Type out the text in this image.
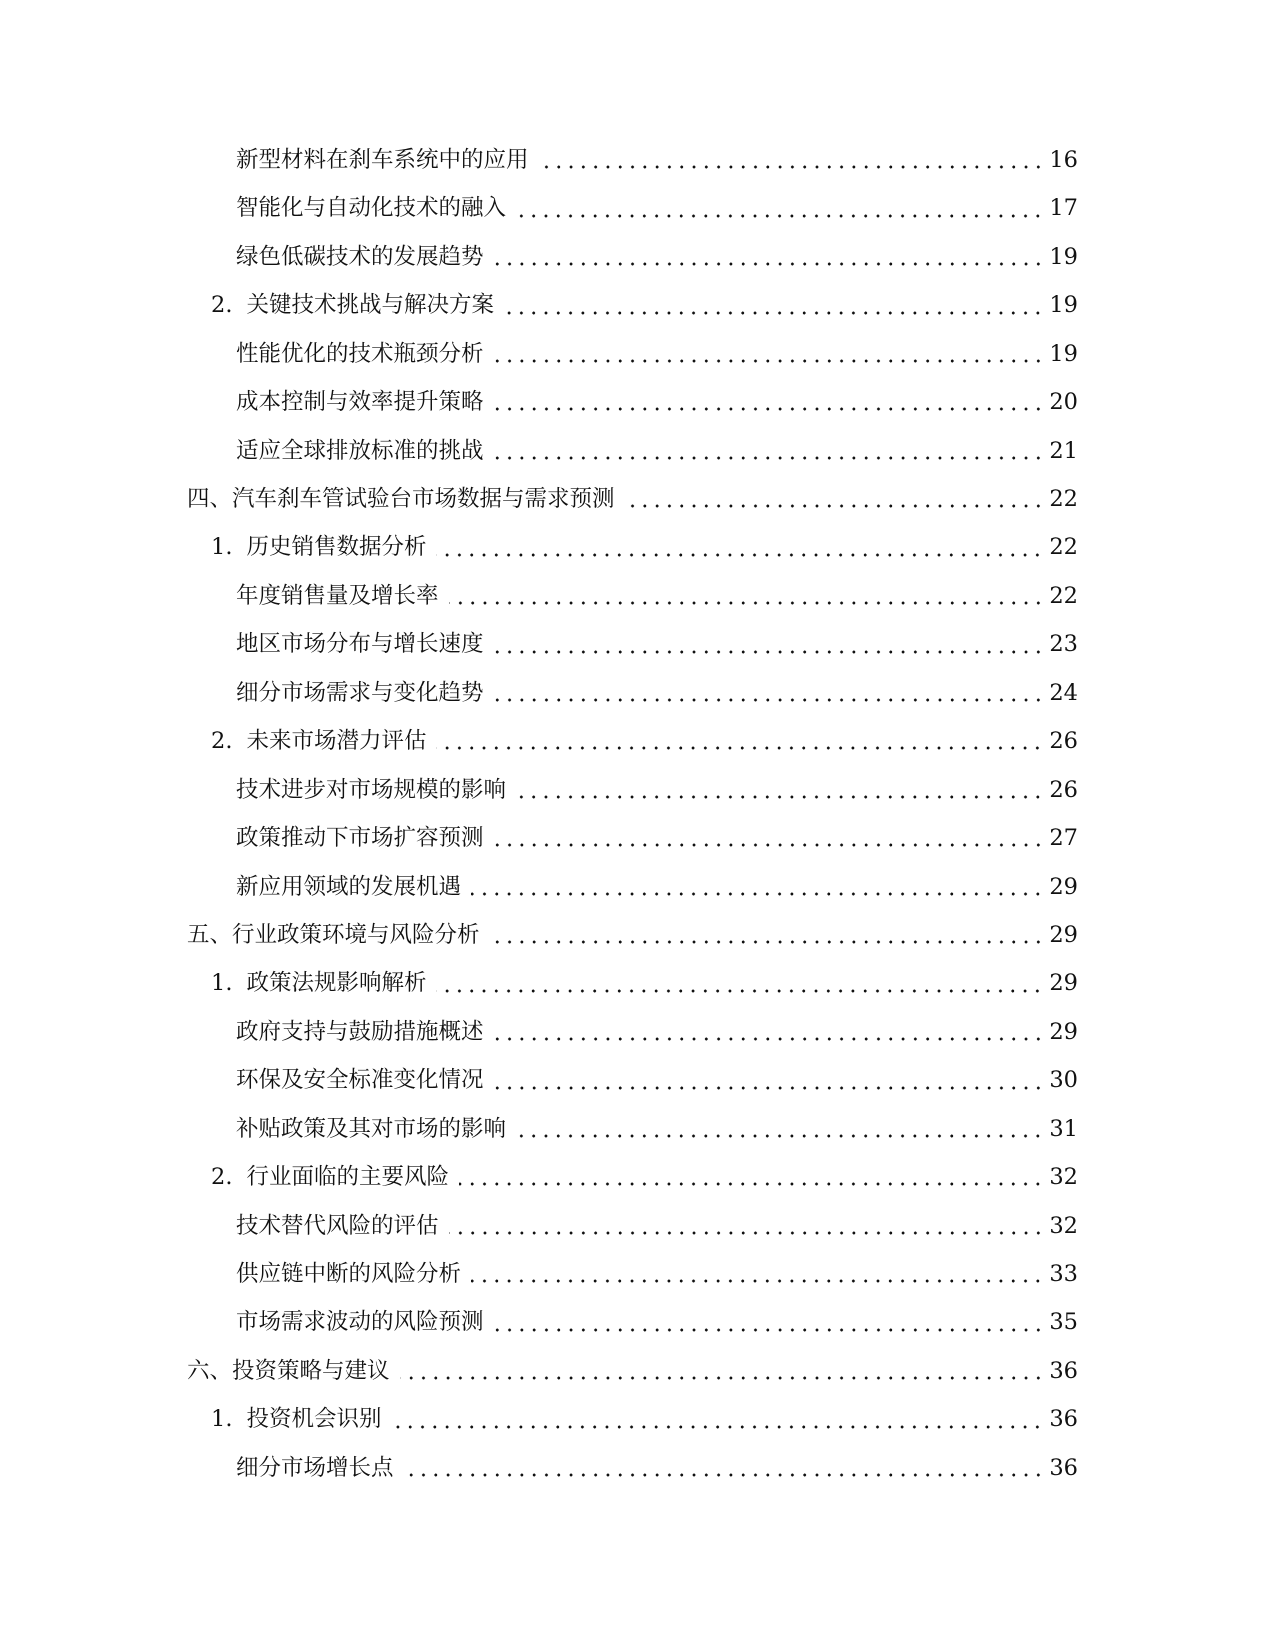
新型材料在刹车系统中的应用	16
智能化与自动化技术的融入	17
绿色低碳技术的发展趋势	19
2. 关键技术挑战与解决方案	19
性能优化的技术瓶颈分析	19
成本控制与效率提升策略	20
适应全球排放标准的挑战	21
四、汽车刹车管试验台市场数据与需求预测	22
1. 历史销售数据分析	22
年度销售量及增长率	22
地区市场分布与增长速度	23
细分市场需求与变化趋势	24
2. 未来市场潜力评估	26
技术进步对市场规模的影响	26
政策推动下市场扩容预测	27
新应用领域的发展机遇	29
五、行业政策环境与风险分析	29
1. 政策法规影响解析	29
政府支持与鼓励措施概述	29
环保及安全标准变化情况	30
补贴政策及其对市场的影响	31
2. 行业面临的主要风险	32
技术替代风险的评估	32
供应链中断的风险分析	33
市场需求波动的风险预测	35
六、投资策略与建议	36
1. 投资机会识别	36
细分市场增长点	36
